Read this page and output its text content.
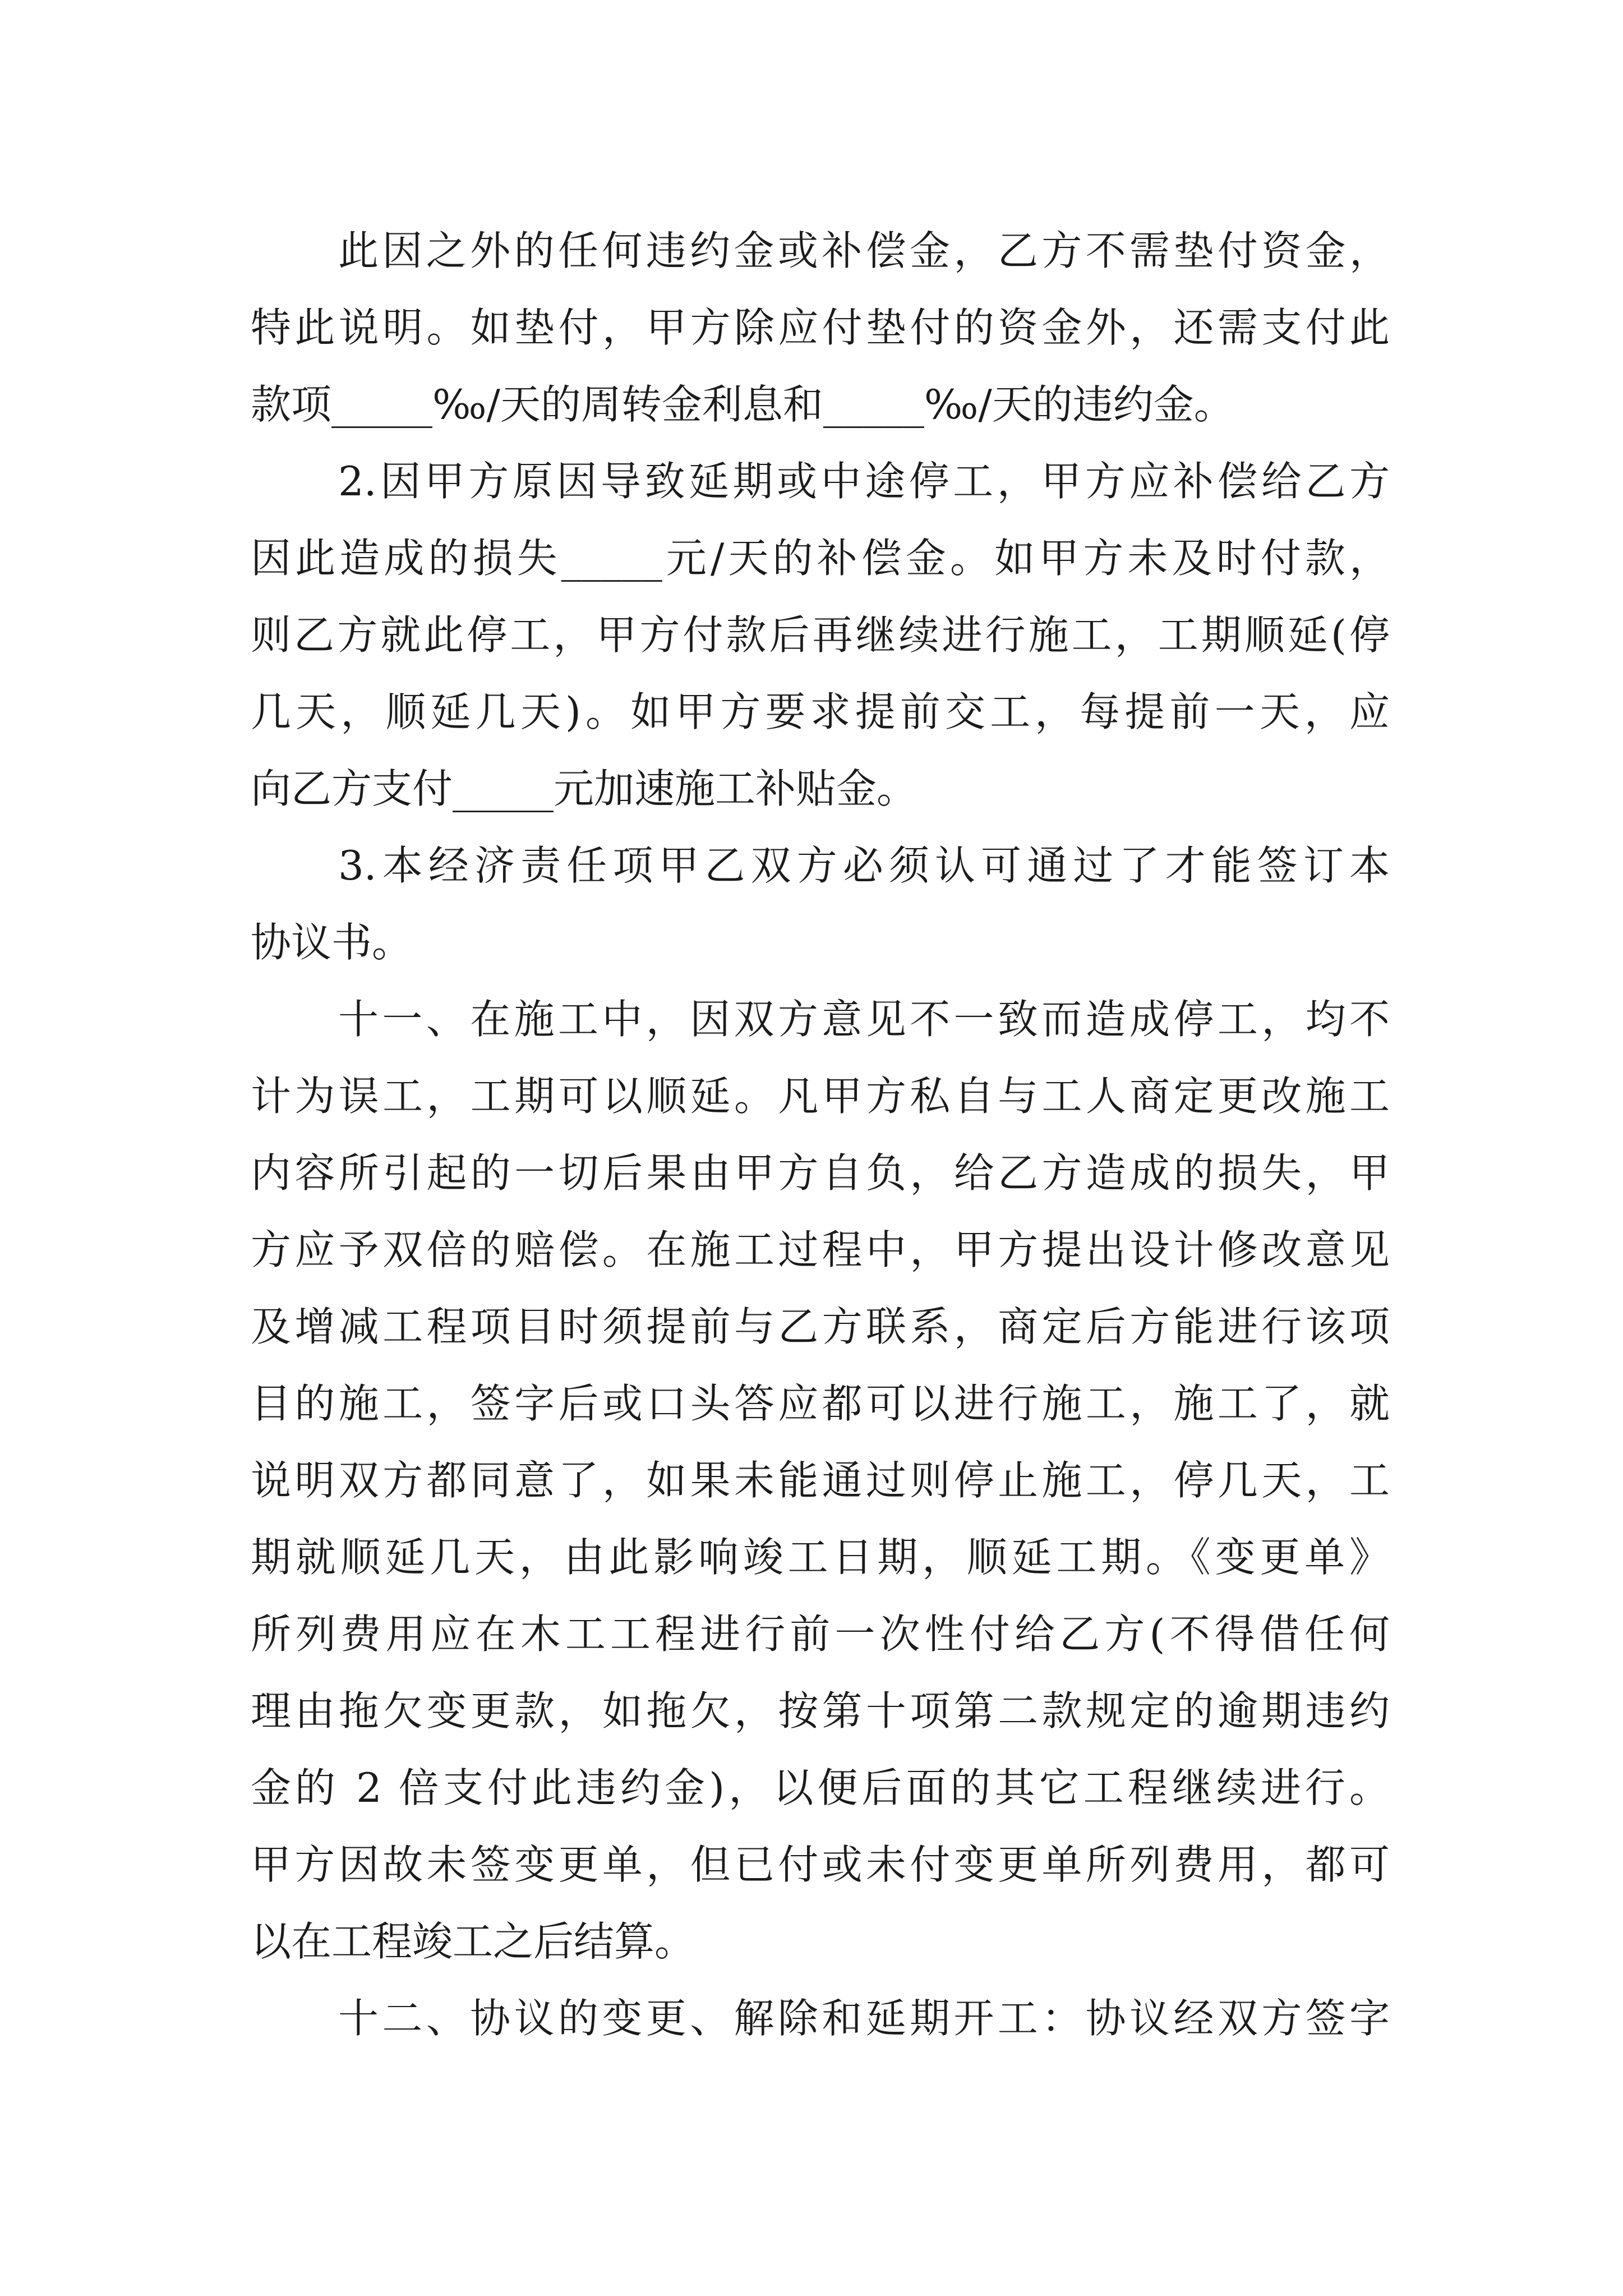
此因之外的任何违约金或补偿金，乙方不需垫付资金，
特此说明。如垫付，甲方除应付垫付的资金外，还需支付此
款项_____‰/天的周转金利息和_____‰/天的违约金。
2.因甲方原因导致延期或中途停工，甲方应补偿给乙方
因此造成的损失_____元/天的补偿金。如甲方未及时付款，
则乙方就此停工，甲方付款后再继续进行施工，工期顺延(停
几天，顺延几天)。如甲方要求提前交工，每提前一天，应
向乙方支付_____元加速施工补贴金。
3.本经济责任项甲乙双方必须认可通过了才能签订本
协议书。
十一、在施工中，因双方意见不一致而造成停工，均不
计为误工，工期可以顺延。凡甲方私自与工人商定更改施工
内容所引起的一切后果由甲方自负，给乙方造成的损失，甲
方应予双倍的赔偿。在施工过程中，甲方提出设计修改意见
及增减工程项目时须提前与乙方联系，商定后方能进行该项
目的施工，签字后或口头答应都可以进行施工，施工了，就
说明双方都同意了，如果未能通过则停止施工，停几天，工
期就顺延几天，由此影响竣工日期，顺延工期。《变更单》
所列费用应在木工工程进行前一次性付给乙方(不得借任何
理由拖欠变更款，如拖欠，按第十项第二款规定的逾期违约
金的 2 倍支付此违约金)，以便后面的其它工程继续进行。
甲方因故未签变更单，但已付或未付变更单所列费用，都可
以在工程竣工之后结算。
十二、协议的变更、解除和延期开工：协议经双方签字
